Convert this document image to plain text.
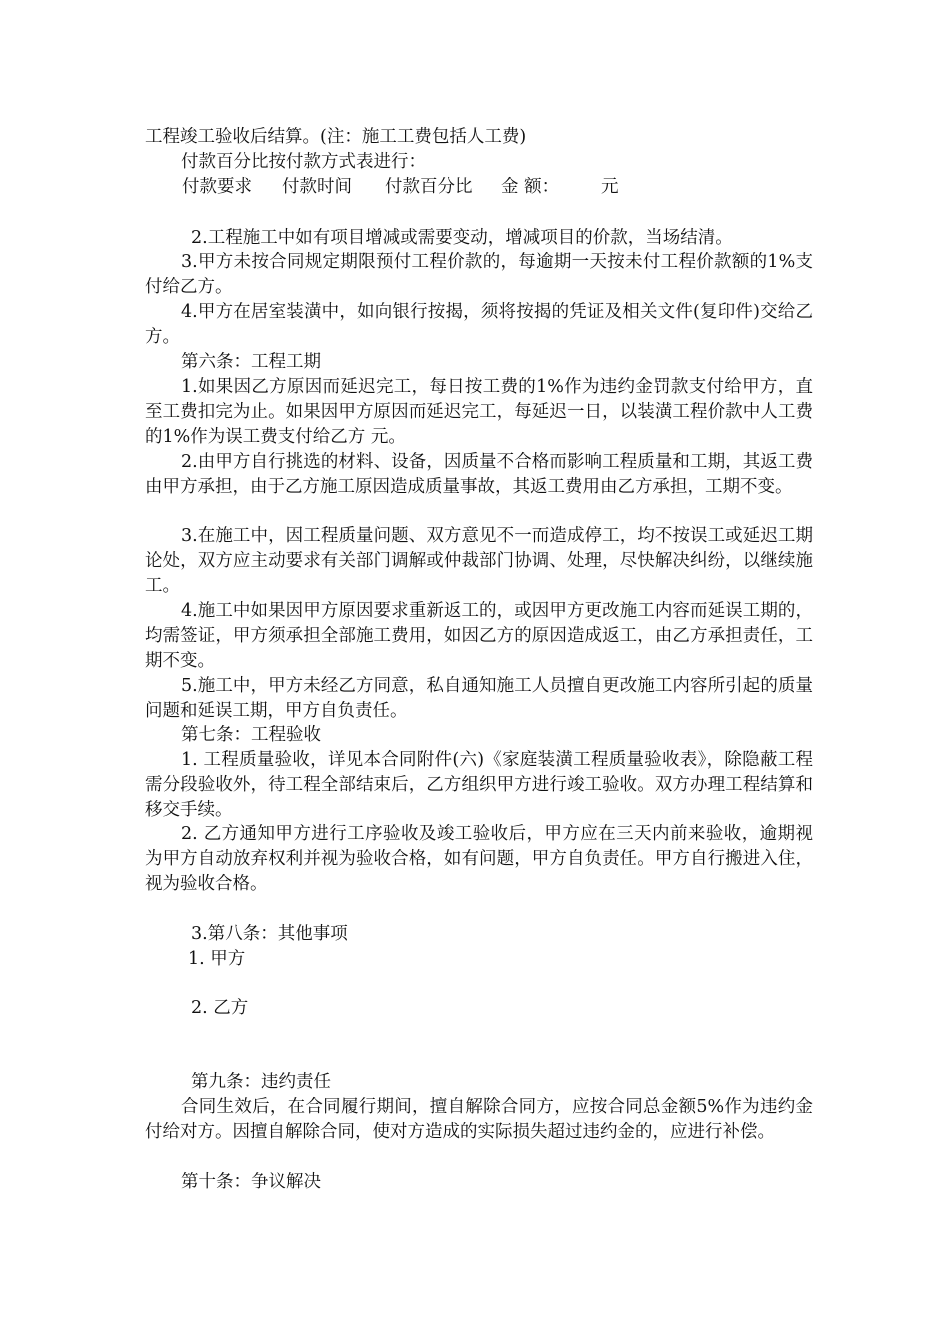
工程竣工验收后结算。(注：施工工费包括人工费)

付款百分比按付款方式表进行：

付款要求 付款时间 付款百分比 金 额： 元

2.工程施工中如有项目增减或需要变动，增减项目的价款，当场结清。

3.甲方未按合同规定期限预付工程价款的，每逾期一天按未付工程价款额的1%支付给乙方。

4.甲方在居室装潢中，如向银行按揭，须将按揭的凭证及相关文件(复印件)交给乙方。

第六条：工程工期

1.如果因乙方原因而延迟完工，每日按工费的1%作为违约金罚款支付给甲方，直至工费扣完为止。如果因甲方原因而延迟完工，每延迟一日，以装潢工程价款中人工费的1%作为误工费支付给乙方 元。

2.由甲方自行挑选的材料、设备，因质量不合格而影响工程质量和工期，其返工费由甲方承担，由于乙方施工原因造成质量事故，其返工费用由乙方承担，工期不变。

3.在施工中，因工程质量问题、双方意见不一而造成停工，均不按误工或延迟工期论处，双方应主动要求有关部门调解或仲裁部门协调、处理，尽快解决纠纷，以继续施工。

4.施工中如果因甲方原因要求重新返工的，或因甲方更改施工内容而延误工期的，均需签证，甲方须承担全部施工费用，如因乙方的原因造成返工，由乙方承担责任，工期不变。

5.施工中，甲方未经乙方同意，私自通知施工人员擅自更改施工内容所引起的质量问题和延误工期，甲方自负责任。

第七条：工程验收

1. 工程质量验收，详见本合同附件(六)《家庭装潢工程质量验收表》，除隐蔽工程需分段验收外，待工程全部结束后，乙方组织甲方进行竣工验收。双方办理工程结算和移交手续。

2. 乙方通知甲方进行工序验收及竣工验收后，甲方应在三天内前来验收，逾期视为甲方自动放弃权利并视为验收合格，如有问题，甲方自负责任。甲方自行搬进入住，视为验收合格。

3.第八条：其他事项

1. 甲方

2. 乙方

第九条：违约责任

合同生效后，在合同履行期间，擅自解除合同方，应按合同总金额5%作为违约金付给对方。因擅自解除合同，使对方造成的实际损失超过违约金的，应进行补偿。

第十条：争议解决
